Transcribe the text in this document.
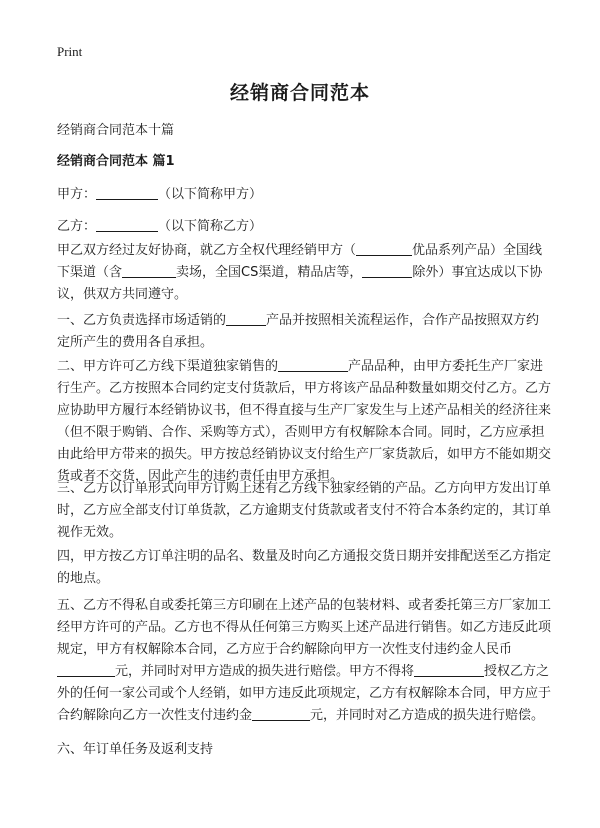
Print
经销商合同范本
经销商合同范本十篇
经销商合同范本 篇1
甲方：	（以下简称甲方）
乙方：	（以下简称乙方）
甲乙双方经过友好协商，就乙方全权代理经销甲方（	优品系列产品）全国线下渠道（含	卖场，全国CS渠道，精品店等，	除外）事宜达成以下协议，供双方共同遵守。
一、乙方负责选择市场适销的	产品并按照相关流程运作，合作产品按照双方约定所产生的费用各自承担。
二、甲方许可乙方线下渠道独家销售的	产品品种，由甲方委托生产厂家进行生产。乙方按照本合同约定支付货款后，甲方将该产品品种数量如期交付乙方。乙方应协助甲方履行本经销协议书，但不得直接与生产厂家发生与上述产品相关的经济往来（但不限于购销、合作、采购等方式），否则甲方有权解除本合同。同时，乙方应承担由此给甲方带来的损失。甲方按总经销协议支付给生产厂家货款后，如甲方不能如期交货或者不交货，因此产生的违约责任由甲方承担。
三、乙方以订单形式向甲方订购上述有乙方线下独家经销的产品。乙方向甲方发出订单时，乙方应全部支付订单货款，乙方逾期支付货款或者支付不符合本条约定的，其订单视作无效。
四，甲方按乙方订单注明的品名、数量及时向乙方通报交货日期并安排配送至乙方指定的地点。
五、乙方不得私自或委托第三方印刷在上述产品的包装材料、或者委托第三方厂家加工经甲方许可的产品。乙方也不得从任何第三方购买上述产品进行销售。如乙方违反此项规定，甲方有权解除本合同，乙方应于合约解除向甲方一次性支付违约金人民币元，并同时对甲方造成的损失进行赔偿。甲方不得将	授权乙方之外的任何一家公司或个人经销，如甲方违反此项规定，乙方有权解除本合同，甲方应于合约解除向乙方一次性支付违约金	元，并同时对乙方造成的损失进行赔偿。
六、年订单任务及返利支持
